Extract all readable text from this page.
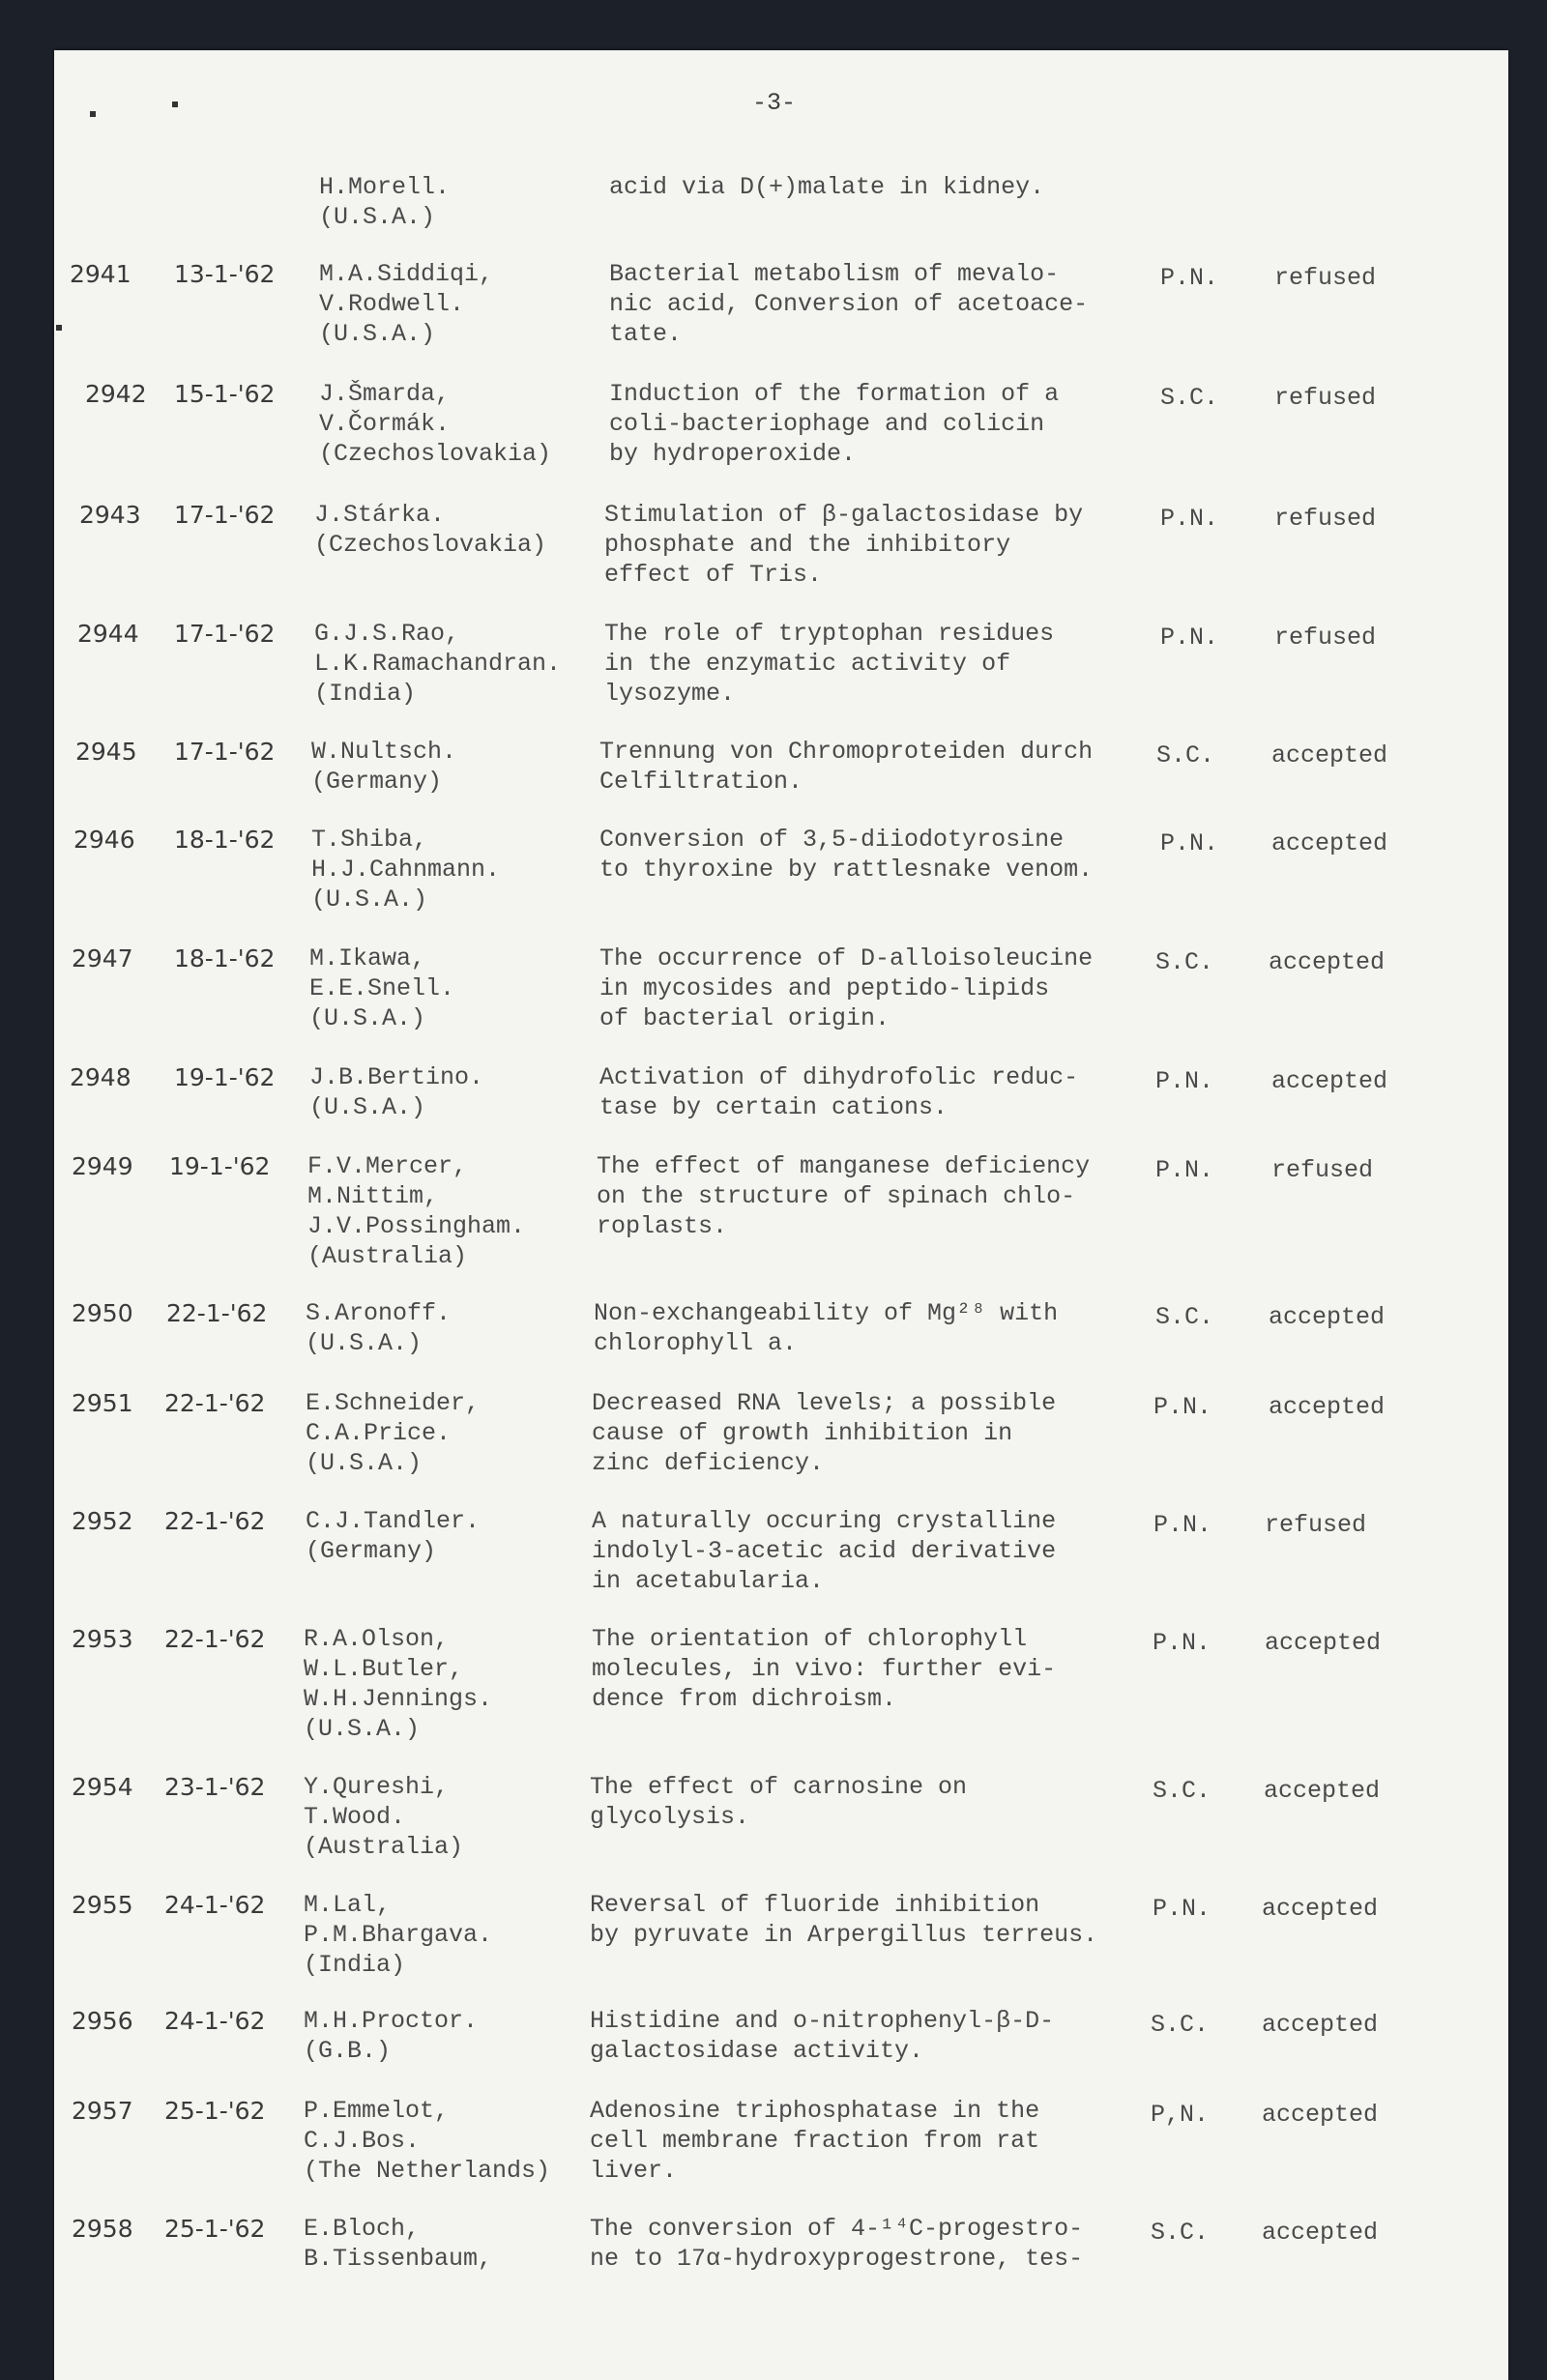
-3-
H.Morell.
(U.S.A.)
acid via D(+)malate in kidney.
2941 13-1-'62 M.A.Siddiqi,
V.Rodwell.
(U.S.A.)
Bacterial metabolism of mevalo-
nic acid, Conversion of acetoace-
tate.
P.N. refused
2942 15-1-'62 J.Šmarda,
V.Čormák.
(Czechoslovakia)
Induction of the formation of a
coli-bacteriophage and colicin
by hydroperoxide.
S.C. refused
2943 17-1-'62 J.Stárka.
(Czechoslovakia)
Stimulation of β-galactosidase by
phosphate and the inhibitory
effect of Tris.
P.N. refused
2944 17-1-'62 G.J.S.Rao,
L.K.Ramachandran.
(India)
The role of tryptophan residues
in the enzymatic activity of
lysozyme.
P.N. refused
2945 17-1-'62 W.Nultsch.
(Germany)
Trennung von Chromoproteiden durch
Celfiltration.
S.C. accepted
2946 18-1-'62 T.Shiba,
H.J.Cahnmann.
(U.S.A.)
Conversion of 3,5-diiodotyrosine
to thyroxine by rattlesnake venom.
P.N. accepted
2947 18-1-'62 M.Ikawa,
E.E.Snell.
(U.S.A.)
The occurrence of D-alloisoleucine
in mycosides and peptido-lipids
of bacterial origin.
S.C. accepted
2948 19-1-'62 J.B.Bertino.
(U.S.A.)
Activation of dihydrofolic reduc-
tase by certain cations.
P.N. accepted
2949 19-1-'62 F.V.Mercer,
M.Nittim,
J.V.Possingham.
(Australia)
The effect of manganese deficiency
on the structure of spinach chlo-
roplasts.
P.N. refused
2950 22-1-'62 S.Aronoff.
(U.S.A.)
Non-exchangeability of Mg²⁸ with
chlorophyll a.
S.C. accepted
2951 22-1-'62 E.Schneider,
C.A.Price.
(U.S.A.)
Decreased RNA levels; a possible
cause of growth inhibition in
zinc deficiency.
P.N. accepted
2952 22-1-'62 C.J.Tandler.
(Germany)
A naturally occuring crystalline
indolyl-3-acetic acid derivative
in acetabularia.
P.N. refused
2953 22-1-'62 R.A.Olson,
W.L.Butler,
W.H.Jennings.
(U.S.A.)
The orientation of chlorophyll
molecules, in vivo: further evi-
dence from dichroism.
P.N. accepted
2954 23-1-'62 Y.Qureshi,
T.Wood.
(Australia)
The effect of carnosine on
glycolysis.
S.C. accepted
2955 24-1-'62 M.Lal,
P.M.Bhargava.
(India)
Reversal of fluoride inhibition
by pyruvate in Arpergillus terreus.
P.N. accepted
2956 24-1-'62 M.H.Proctor.
(G.B.)
Histidine and o-nitrophenyl-β-D-
galactosidase activity.
S.C. accepted
2957 25-1-'62 P.Emmelot,
C.J.Bos.
(The Netherlands)
Adenosine triphosphatase in the
cell membrane fraction from rat
liver.
P,N. accepted
2958 25-1-'62 E.Bloch,
B.Tissenbaum,
The conversion of 4-¹⁴C-progestro-
ne to 17α-hydroxyprogestrone, tes-
S.C. accepted
